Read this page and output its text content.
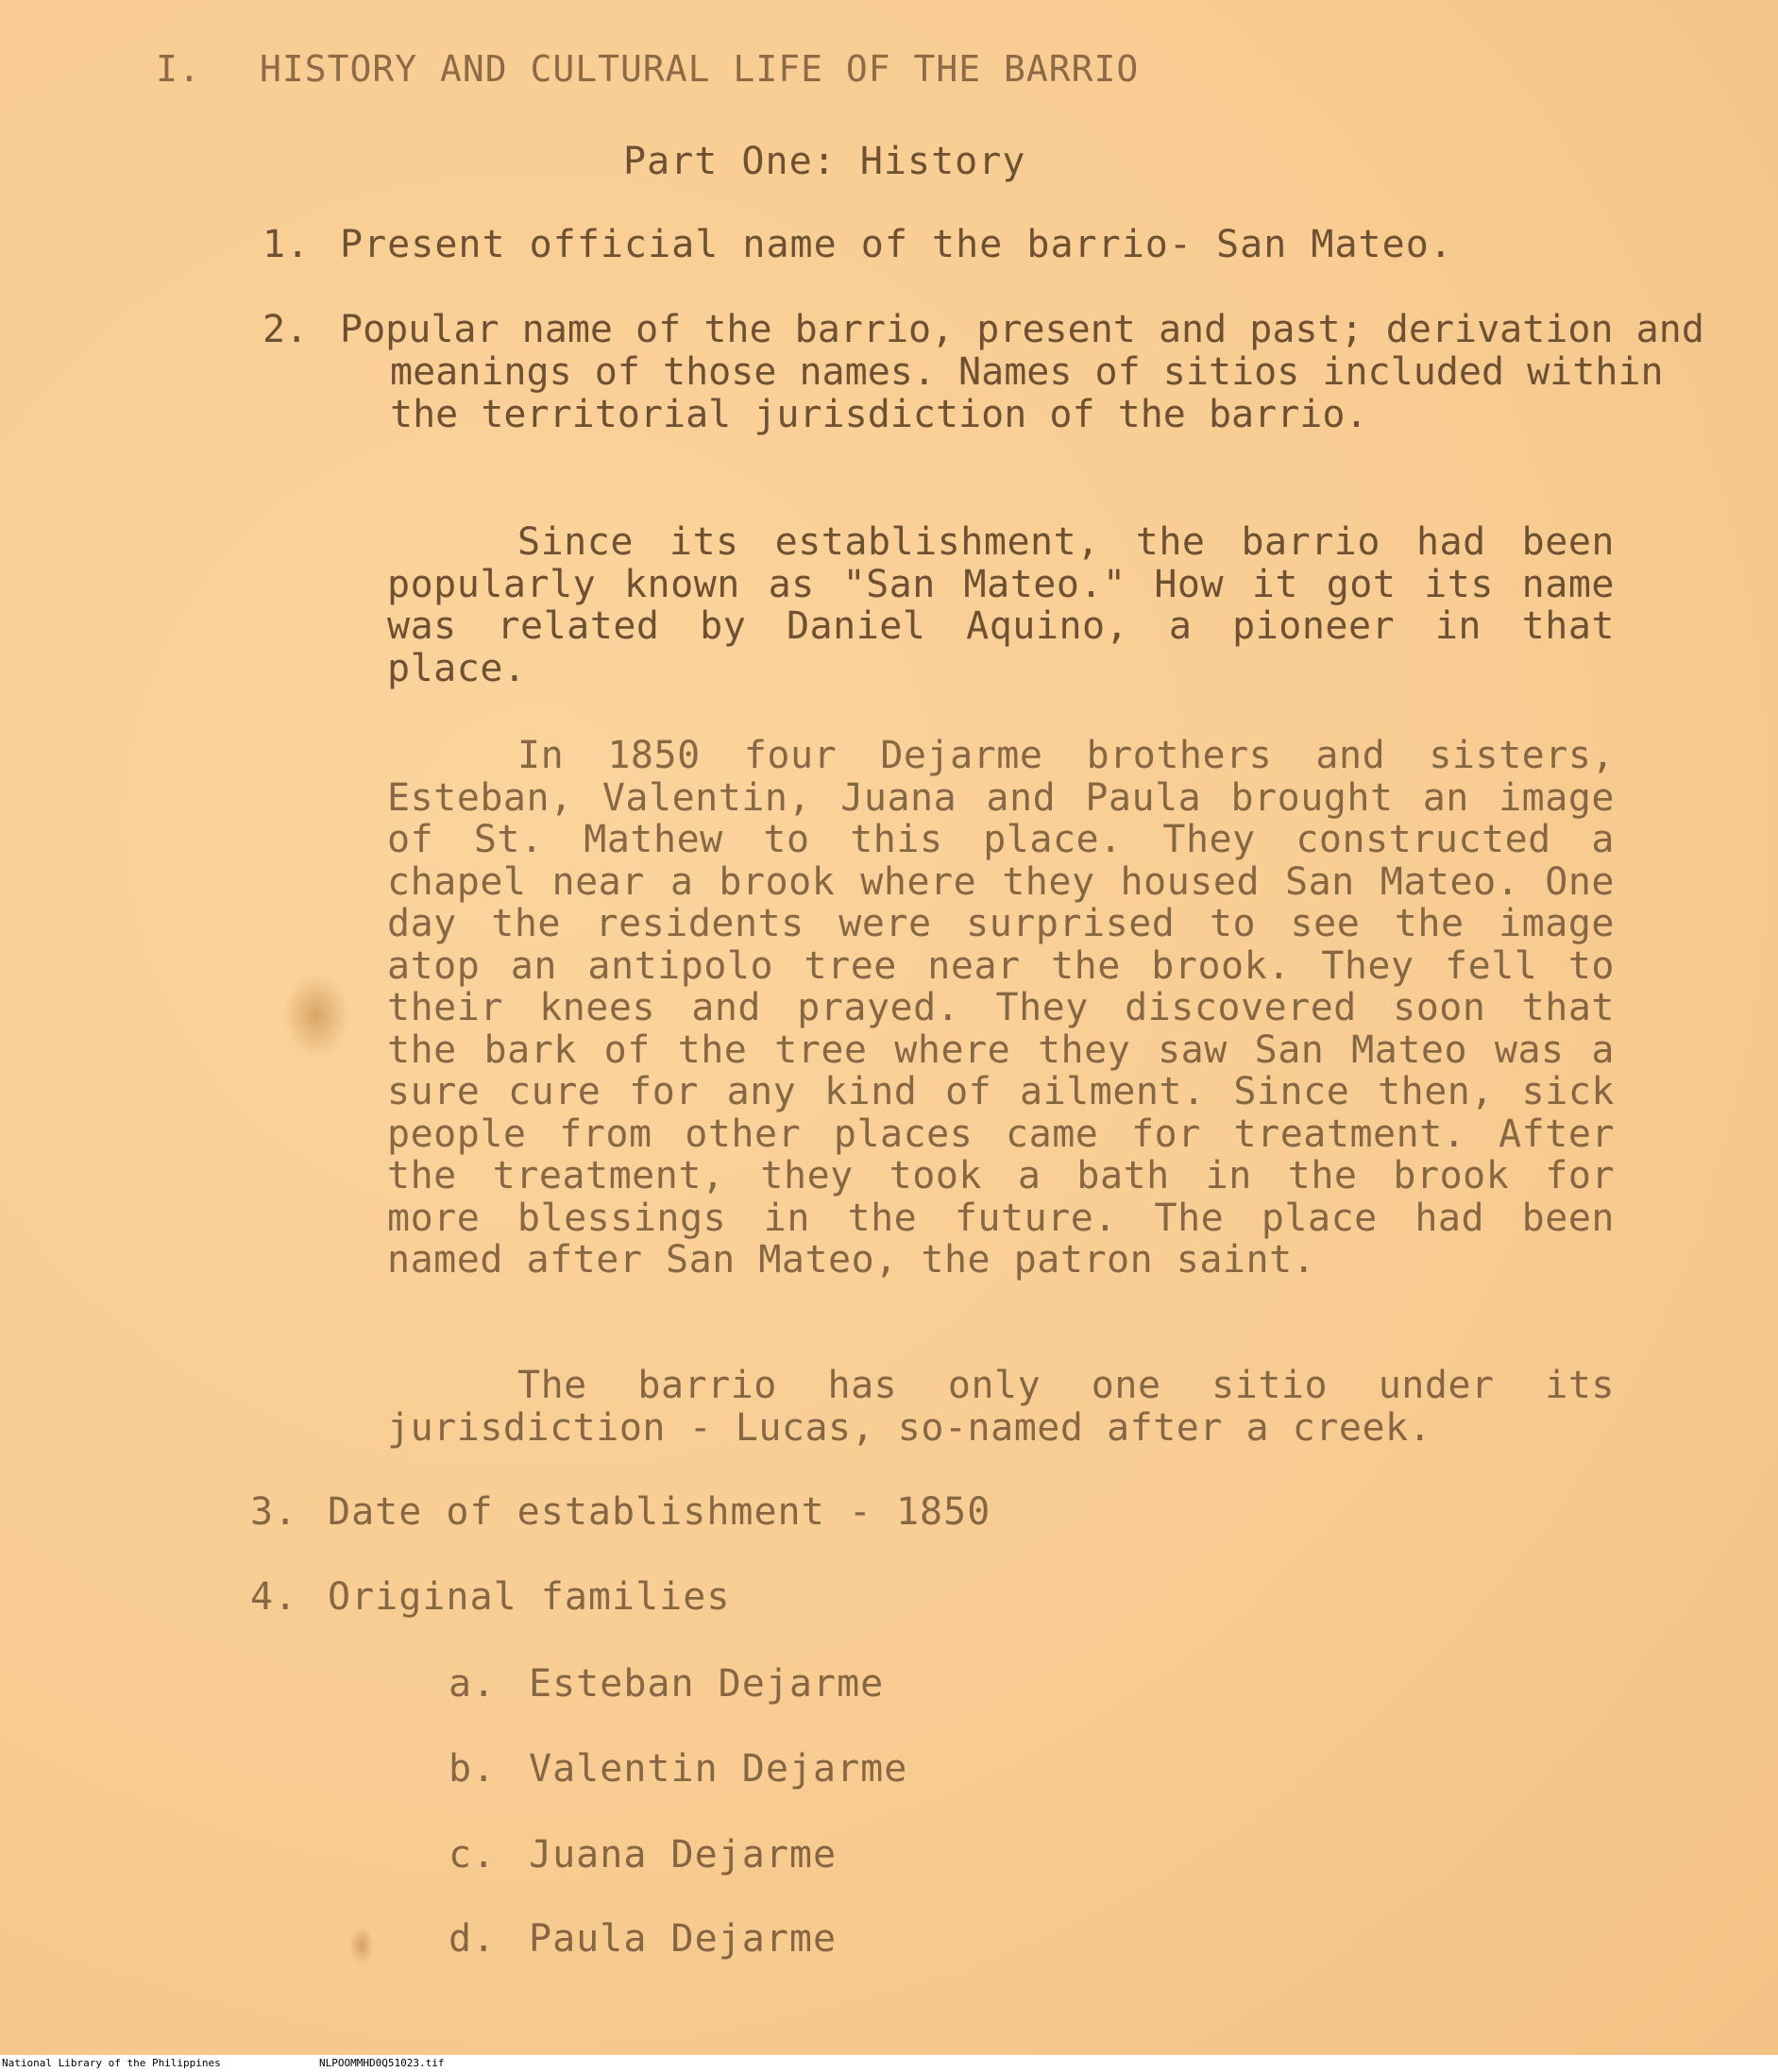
I. HISTORY AND CULTURAL LIFE OF THE BARRIO
Part One: History
1. Present official name of the barrio- San Mateo.
2. Popular name of the barrio, present and past; derivation and meanings of those names. Names of sitios included within the territorial jurisdiction of the barrio.
Since its establishment, the barrio had been popularly known as "San Mateo." How it got its name was related by Daniel Aquino, a pioneer in that place.
In 1850 four Dejarme brothers and sisters, Esteban, Valentin, Juana and Paula brought an image of St. Mathew to this place. They constructed a chapel near a brook where they housed San Mateo. One day the residents were surprised to see the image atop an antipolo tree near the brook. They fell to their knees and prayed. They discovered soon that the bark of the tree where they saw San Mateo was a sure cure for any kind of ailment. Since then, sick people from other places came for treatment. After the treatment, they took a bath in the brook for more blessings in the future. The place had been named after San Mateo, the patron saint.
The barrio has only one sitio under its jurisdiction - Lucas, so-named after a creek.
3. Date of establishment - 1850
4. Original families
a. Esteban Dejarme
b. Valentin Dejarme
c. Juana Dejarme
d. Paula Dejarme
National Library of the Philippines	NLPOOMMHD0Q51023.tif
